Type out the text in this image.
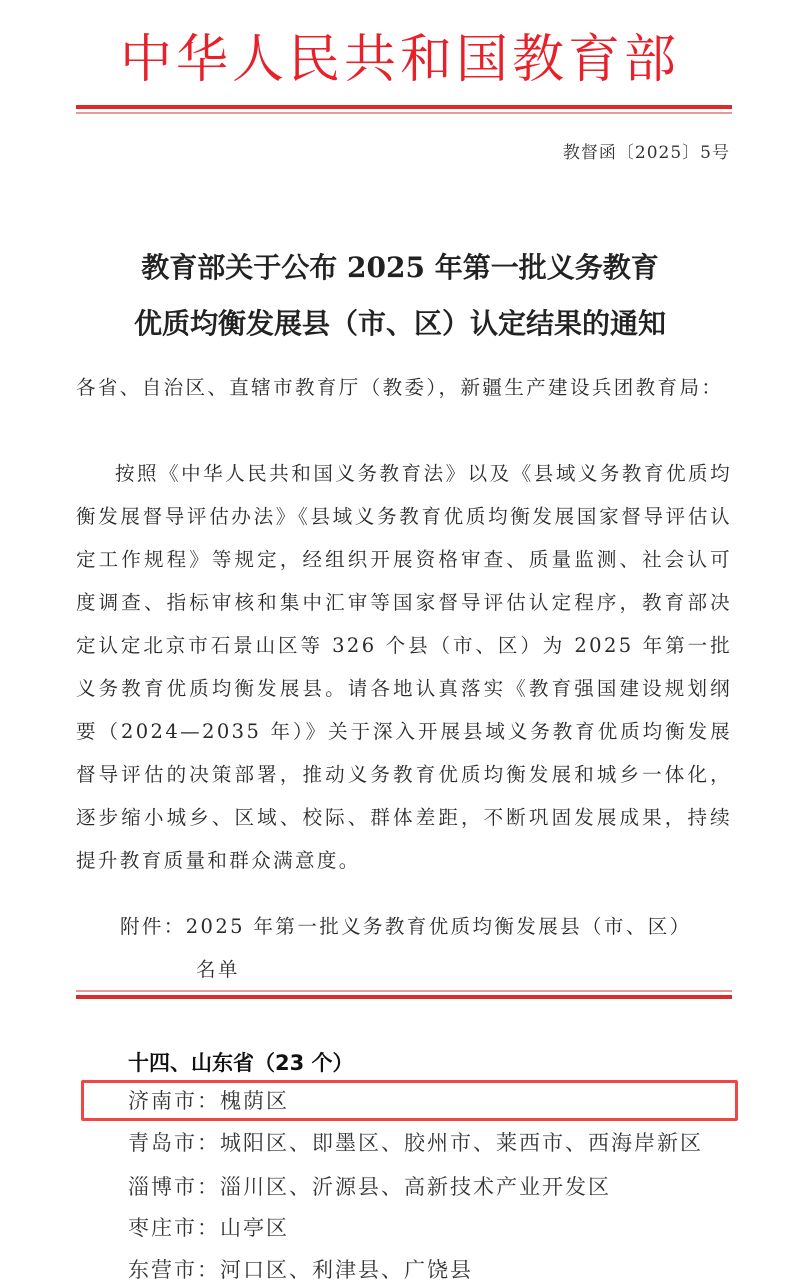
中华人民共和国教育部
教督函〔2025〕5号
教育部关于公布 2025 年第一批义务教育
优质均衡发展县（市、区）认定结果的通知
各省、自治区、直辖市教育厅（教委），新疆生产建设兵团教育局：
按照《中华人民共和国义务教育法》以及《县域义务教育优质均衡发展督导评估办法》《县域义务教育优质均衡发展国家督导评估认定工作规程》等规定，经组织开展资格审查、质量监测、社会认可度调查、指标审核和集中汇审等国家督导评估认定程序，教育部决定认定北京市石景山区等 326 个县（市、区）为 2025 年第一批义务教育优质均衡发展县。请各地认真落实《教育强国建设规划纲要（2024—2035 年）》关于深入开展县域义务教育优质均衡发展督导评估的决策部署，推动义务教育优质均衡发展和城乡一体化，逐步缩小城乡、区域、校际、群体差距，不断巩固发展成果，持续提升教育质量和群众满意度。
附件：2025 年第一批义务教育优质均衡发展县（市、区）
名单
十四、山东省（23 个）
济南市：槐荫区
青岛市：城阳区、即墨区、胶州市、莱西市、西海岸新区
淄博市：淄川区、沂源县、高新技术产业开发区
枣庄市：山亭区
东营市：河口区、利津县、广饶县
